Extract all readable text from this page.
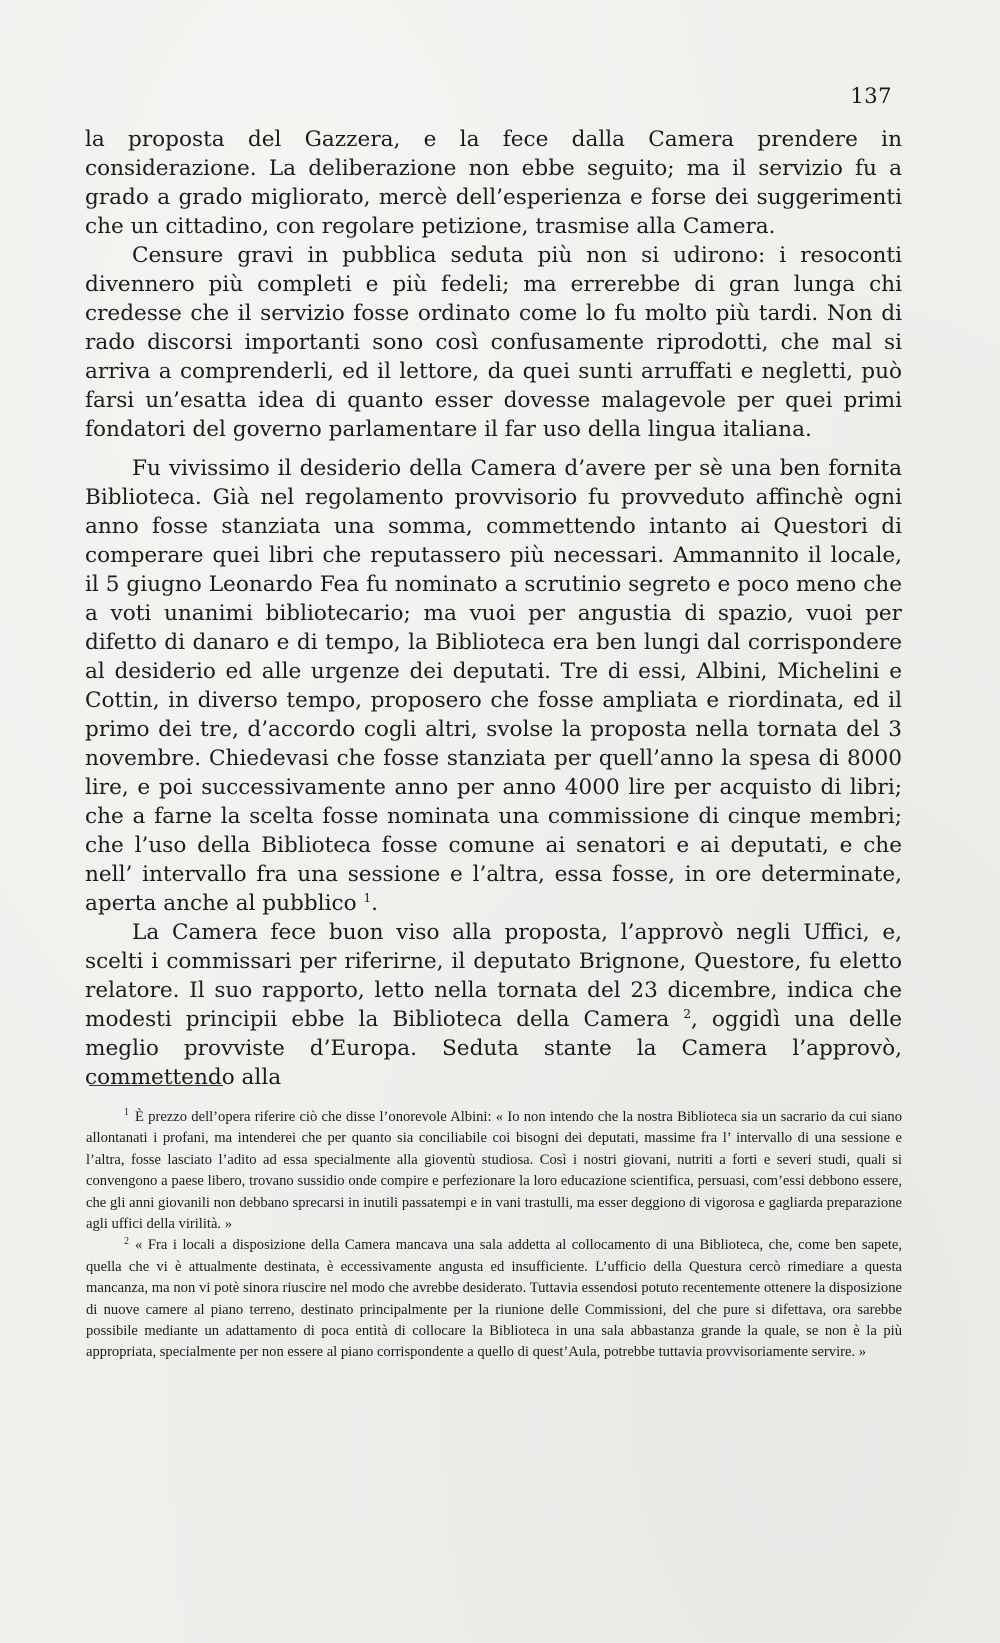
137

la proposta del Gazzera, e la fece dalla Camera prendere in considerazione. La deliberazione non ebbe seguito; ma il servizio fu a grado a grado migliorato, mercè dell’esperienza e forse dei suggerimenti che un cittadino, con regolare petizione, trasmise alla Camera.

Censure gravi in pubblica seduta più non si udirono: i resoconti divennero più completi e più fedeli; ma errerebbe di gran lunga chi credesse che il servizio fosse ordinato come lo fu molto più tardi. Non di rado discorsi importanti sono così confusamente riprodotti, che mal si arriva a comprenderli, ed il lettore, da quei sunti arruffati e negletti, può farsi un’esatta idea di quanto esser dovesse malagevole per quei primi fondatori del governo parlamentare il far uso della lingua italiana.

Fu vivissimo il desiderio della Camera d’avere per sè una ben fornita Biblioteca. Già nel regolamento provvisorio fu provveduto affinchè ogni anno fosse stanziata una somma, commettendo intanto ai Questori di comperare quei libri che reputassero più necessari. Ammannito il locale, il 5 giugno Leonardo Fea fu nominato a scrutinio segreto e poco meno che a voti unanimi bibliotecario; ma vuoi per angustia di spazio, vuoi per difetto di danaro e di tempo, la Biblioteca era ben lungi dal corrispondere al desiderio ed alle urgenze dei deputati. Tre di essi, Albini, Michelini e Cottin, in diverso tempo, proposero che fosse ampliata e riordinata, ed il primo dei tre, d’accordo cogli altri, svolse la proposta nella tornata del 3 novembre. Chiedevasi che fosse stanziata per quell’anno la spesa di 8000 lire, e poi successivamente anno per anno 4000 lire per acquisto di libri; che a farne la scelta fosse nominata una commissione di cinque membri; che l’uso della Biblioteca fosse comune ai senatori e ai deputati, e che nell’ intervallo fra una sessione e l’altra, essa fosse, in ore determinate, aperta anche al pubblico $^1$.

La Camera fece buon viso alla proposta, l’approvò negli Uffici, e, scelti i commissari per riferirne, il deputato Brignone, Questore, fu eletto relatore. Il suo rapporto, letto nella tornata del 23 dicembre, indica che modesti principii ebbe la Biblioteca della Camera $^2$, oggidì una delle meglio provviste d’Europa. Seduta stante la Camera l’approvò, commettendo alla

$^1$ È prezzo dell’opera riferire ciò che disse l’onorevole Albini: « Io non intendo che la nostra Biblioteca sia un sacrario da cui siano allontanati i profani, ma intenderei che per quanto sia conciliabile coi bisogni dei deputati, massime fra l’ intervallo di una sessione e l’altra, fosse lasciato l’adito ad essa specialmente alla gioventù studiosa. Così i nostri giovani, nutriti a forti e severi studi, quali si convengono a paese libero, trovano sussidio onde compire e perfezionare la loro educazione scientifica, persuasi, com’essi debbono essere, che gli anni giovanili non debbano sprecarsi in inutili passatempi e in vani trastulli, ma esser deggiono di vigorosa e gagliarda preparazione agli uffici della virilità. »

$^2$ « Fra i locali a disposizione della Camera mancava una sala addetta al collocamento di una Biblioteca, che, come ben sapete, quella che vi è attualmente destinata, è eccessivamente angusta ed insufficiente. L’ufficio della Questura cercò rimediare a questa mancanza, ma non vi potè sinora riuscire nel modo che avrebbe desiderato. Tuttavia essendosi potuto recentemente ottenere la disposizione di nuove camere al piano terreno, destinato principalmente per la riunione delle Commissioni, del che pure si difettava, ora sarebbe possibile mediante un adattamento di poca entità di collocare la Biblioteca in una sala abbastanza grande la quale, se non è la più appropriata, specialmente per non essere al piano corrispondente a quello di quest’Aula, potrebbe tuttavia provvisoriamente servire. »
